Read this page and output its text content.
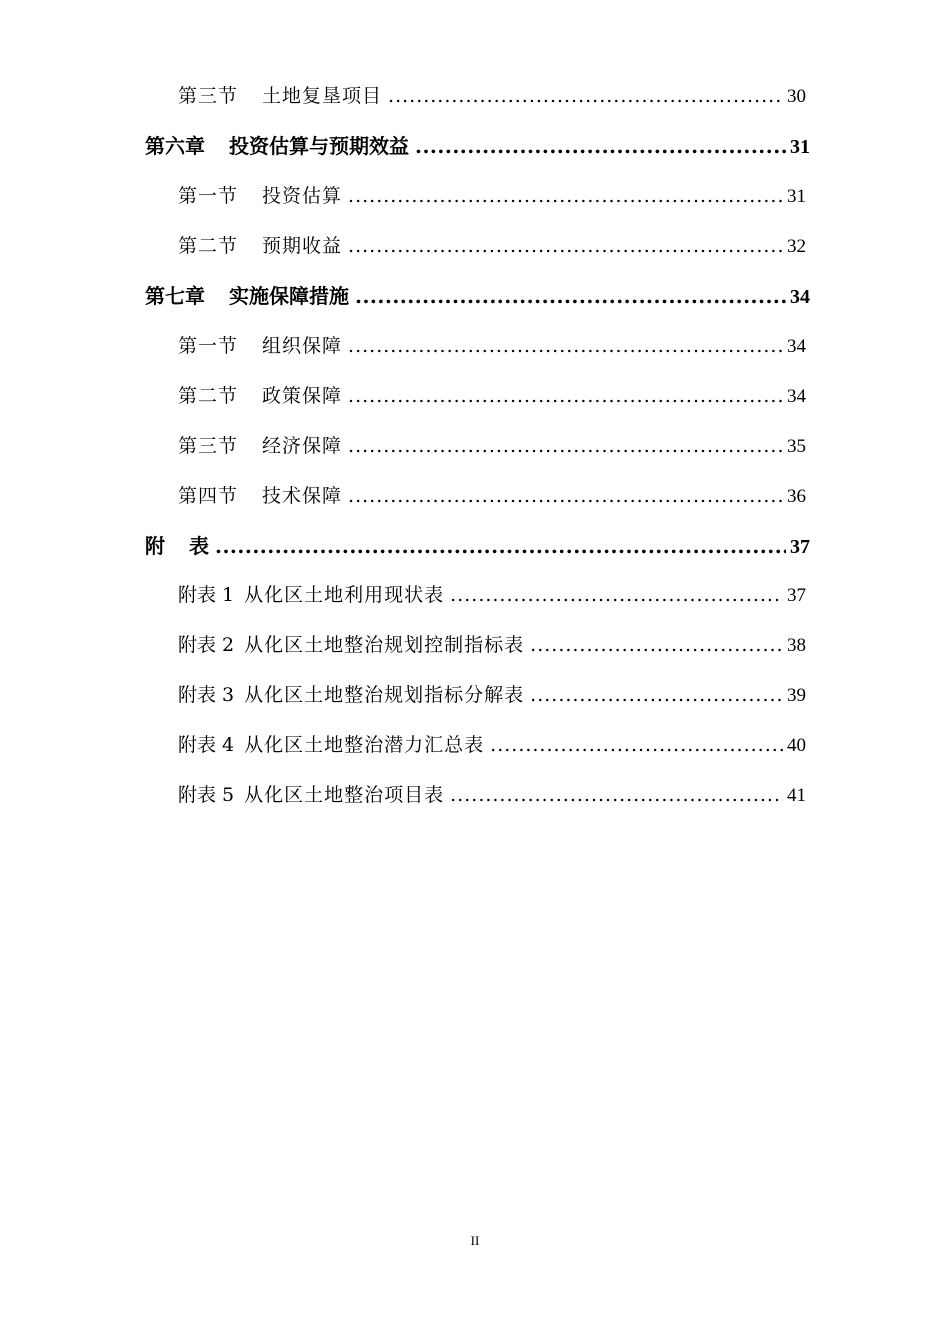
第三节 土地复垦项目 .....	30
第六章 投资估算与预期效益 .....	31
第一节 投资估算 .....	31
第二节 预期收益 .....	32
第七章 实施保障措施 .....	34
第一节 组织保障 .....	34
第二节 政策保障 .....	34
第三节 经济保障 .....	35
第四节 技术保障 .....	36
附 表 .....	37
附表 1 从化区土地利用现状表 .....	37
附表 2 从化区土地整治规划控制指标表 .....	38
附表 3 从化区土地整治规划指标分解表 .....	39
附表 4 从化区土地整治潜力汇总表 .....	40
附表 5 从化区土地整治项目表 .....	41
II
